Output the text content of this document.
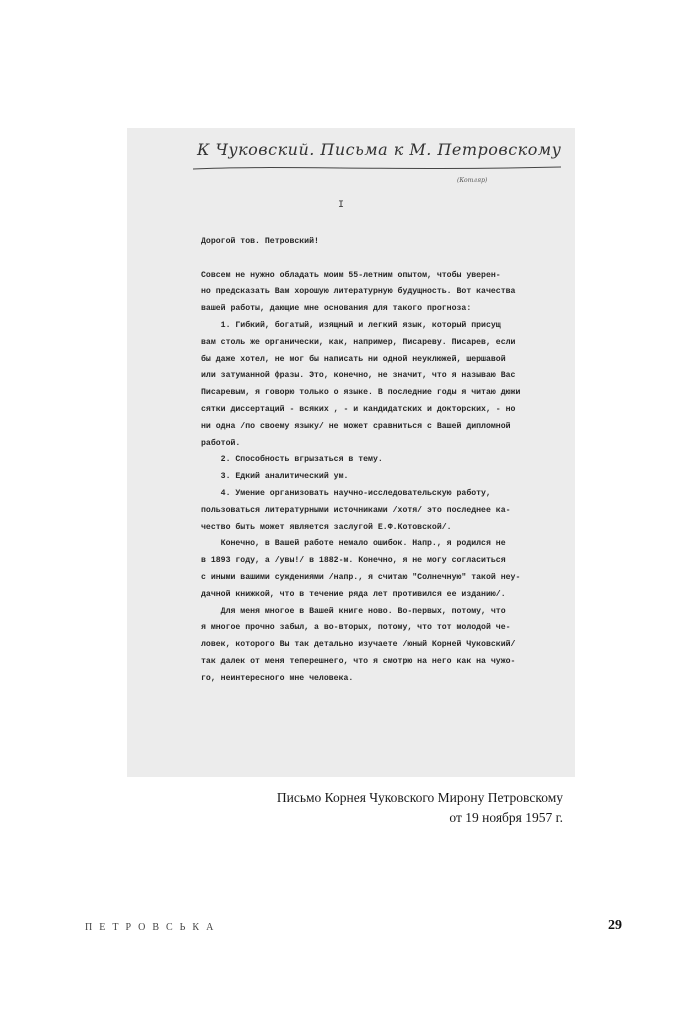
К Чуковский. Письма к М. Петровскому
(Котляр)
I
Дорогой тов. Петровский!
Совсем не нужно обладать моим 55-летним опытом, чтобы уверен-
но предсказать Вам хорошую литературную будущность. Вот качества
вашей работы, дающие мне основания для такого прогноза:
1. Гибкий, богатый, изящный и легкий язык, который присущ
вам столь же органически, как, например, Писареву. Писарев, если
бы даже хотел, не мог бы написать ни одной неуклюжей, шершавой
или затуманной фразы. Это, конечно, не значит, что я называю Вас
Писаревым, я говорю только о языке. В последние годы я читаю дюжи
сятки диссертаций - всяких , - и кандидатских и докторских, - но
ни одна /по своему языку/ не может сравниться с Вашей дипломной
работой.
2. Способность вгрызаться в тему.
3. Едкий аналитический ум.
4. Умение организовать научно-исследовательскую работу,
пользоваться литературными источниками /хотя/ это последнее ка-
чество быть может является заслугой Е.Ф.Котовской/.
Конечно, в Вашей работе немало ошибок. Напр., я родился не
в 1893 году, а /увы!/ в 1882-м. Конечно, я не могу согласиться
с иными вашими суждениями /напр., я считаю "Солнечную" такой неу-
дачной книжкой, что в течение ряда лет противился ее изданию/.
Для меня многое в Вашей книге ново. Во-первых, потому, что
я многое прочно забыл, а во-вторых, потому, что тот молодой че-
ловек, которого Вы так детально изучаете /юный Корней Чуковский/
так далек от меня теперешнего, что я смотрю на него как на чужо-
го, неинтересного мне человека.
Письмо Корнея Чуковского Мирону Петровскому
от 19 ноября 1957 г.
ПЕТРОВСЬКА	29
